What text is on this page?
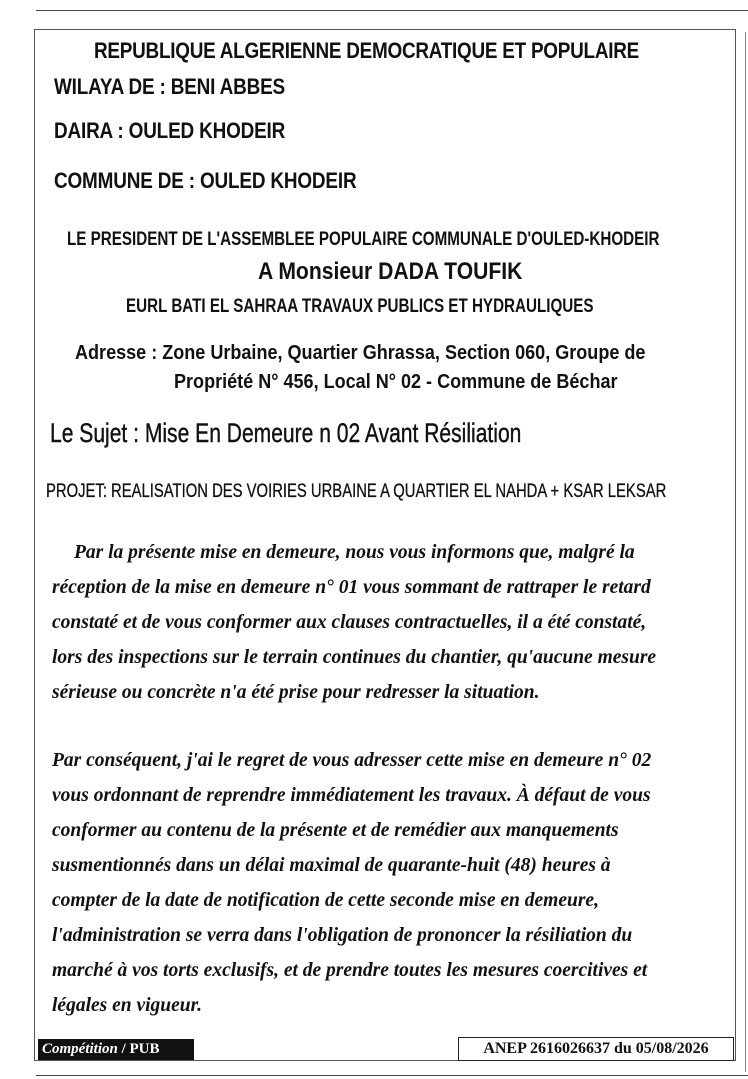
REPUBLIQUE ALGERIENNE DEMOCRATIQUE ET POPULAIRE

WILAYA DE : BENI ABBES

DAIRA : OULED KHODEIR

COMMUNE DE : OULED KHODEIR

LE PRESIDENT DE L'ASSEMBLEE POPULAIRE COMMUNALE D'OULED-KHODEIR

A Monsieur DADA TOUFIK

EURL BATI EL SAHRAA TRAVAUX PUBLICS ET HYDRAULIQUES

Adresse : Zone Urbaine, Quartier Ghrassa, Section 060, Groupe de

Propriété N° 456, Local N° 02 - Commune de Béchar

Le Sujet : Mise En Demeure n 02 Avant Résiliation

PROJET: REALISATION DES VOIRIES URBAINE A QUARTIER EL NAHDA + KSAR LEKSAR

Par la présente mise en demeure, nous vous informons que, malgré la

réception de la mise en demeure n° 01 vous sommant de rattraper le retard

constaté et de vous conformer aux clauses contractuelles, il a été constaté,

lors des inspections sur le terrain continues du chantier, qu'aucune mesure

sérieuse ou concrète n'a été prise pour redresser la situation.

Par conséquent, j'ai le regret de vous adresser cette mise en demeure n° 02

vous ordonnant de reprendre immédiatement les travaux. À défaut de vous

conformer au contenu de la présente et de remédier aux manquements

susmentionnés dans un délai maximal de quarante-huit (48) heures à

compter de la date de notification de cette seconde mise en demeure,

l'administration se verra dans l'obligation de prononcer la résiliation du

marché à vos torts exclusifs, et de prendre toutes les mesures coercitives et

légales en vigueur.

Compétition / PUB	ANEP 2616026637 du 05/08/2026
